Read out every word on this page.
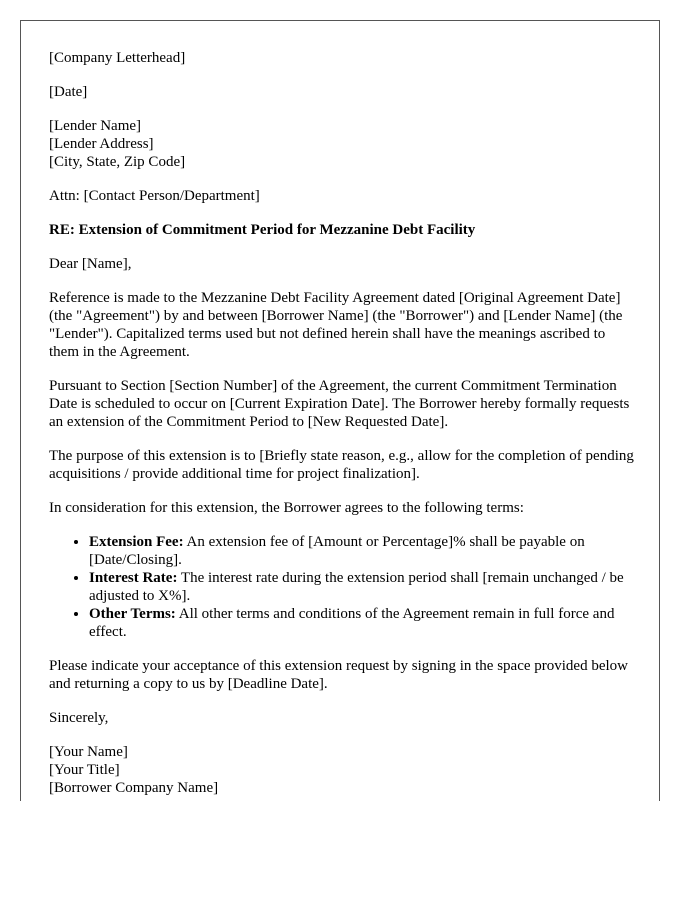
[Company Letterhead]

[Date]

[Lender Name]
[Lender Address]
[City, State, Zip Code]

Attn: [Contact Person/Department]

RE: Extension of Commitment Period for Mezzanine Debt Facility

Dear [Name],

Reference is made to the Mezzanine Debt Facility Agreement dated [Original Agreement Date] (the "Agreement") by and between [Borrower Name] (the "Borrower") and [Lender Name] (the "Lender"). Capitalized terms used but not defined herein shall have the meanings ascribed to them in the Agreement.

Pursuant to Section [Section Number] of the Agreement, the current Commitment Termination Date is scheduled to occur on [Current Expiration Date]. The Borrower hereby formally requests an extension of the Commitment Period to [New Requested Date].

The purpose of this extension is to [Briefly state reason, e.g., allow for the completion of pending acquisitions / provide additional time for project finalization].

In consideration for this extension, the Borrower agrees to the following terms:

• Extension Fee: An extension fee of [Amount or Percentage]% shall be payable on [Date/Closing].
• Interest Rate: The interest rate during the extension period shall [remain unchanged / be adjusted to X%].
• Other Terms: All other terms and conditions of the Agreement remain in full force and effect.

Please indicate your acceptance of this extension request by signing in the space provided below and returning a copy to us by [Deadline Date].

Sincerely,

[Your Name]
[Your Title]
[Borrower Company Name]
